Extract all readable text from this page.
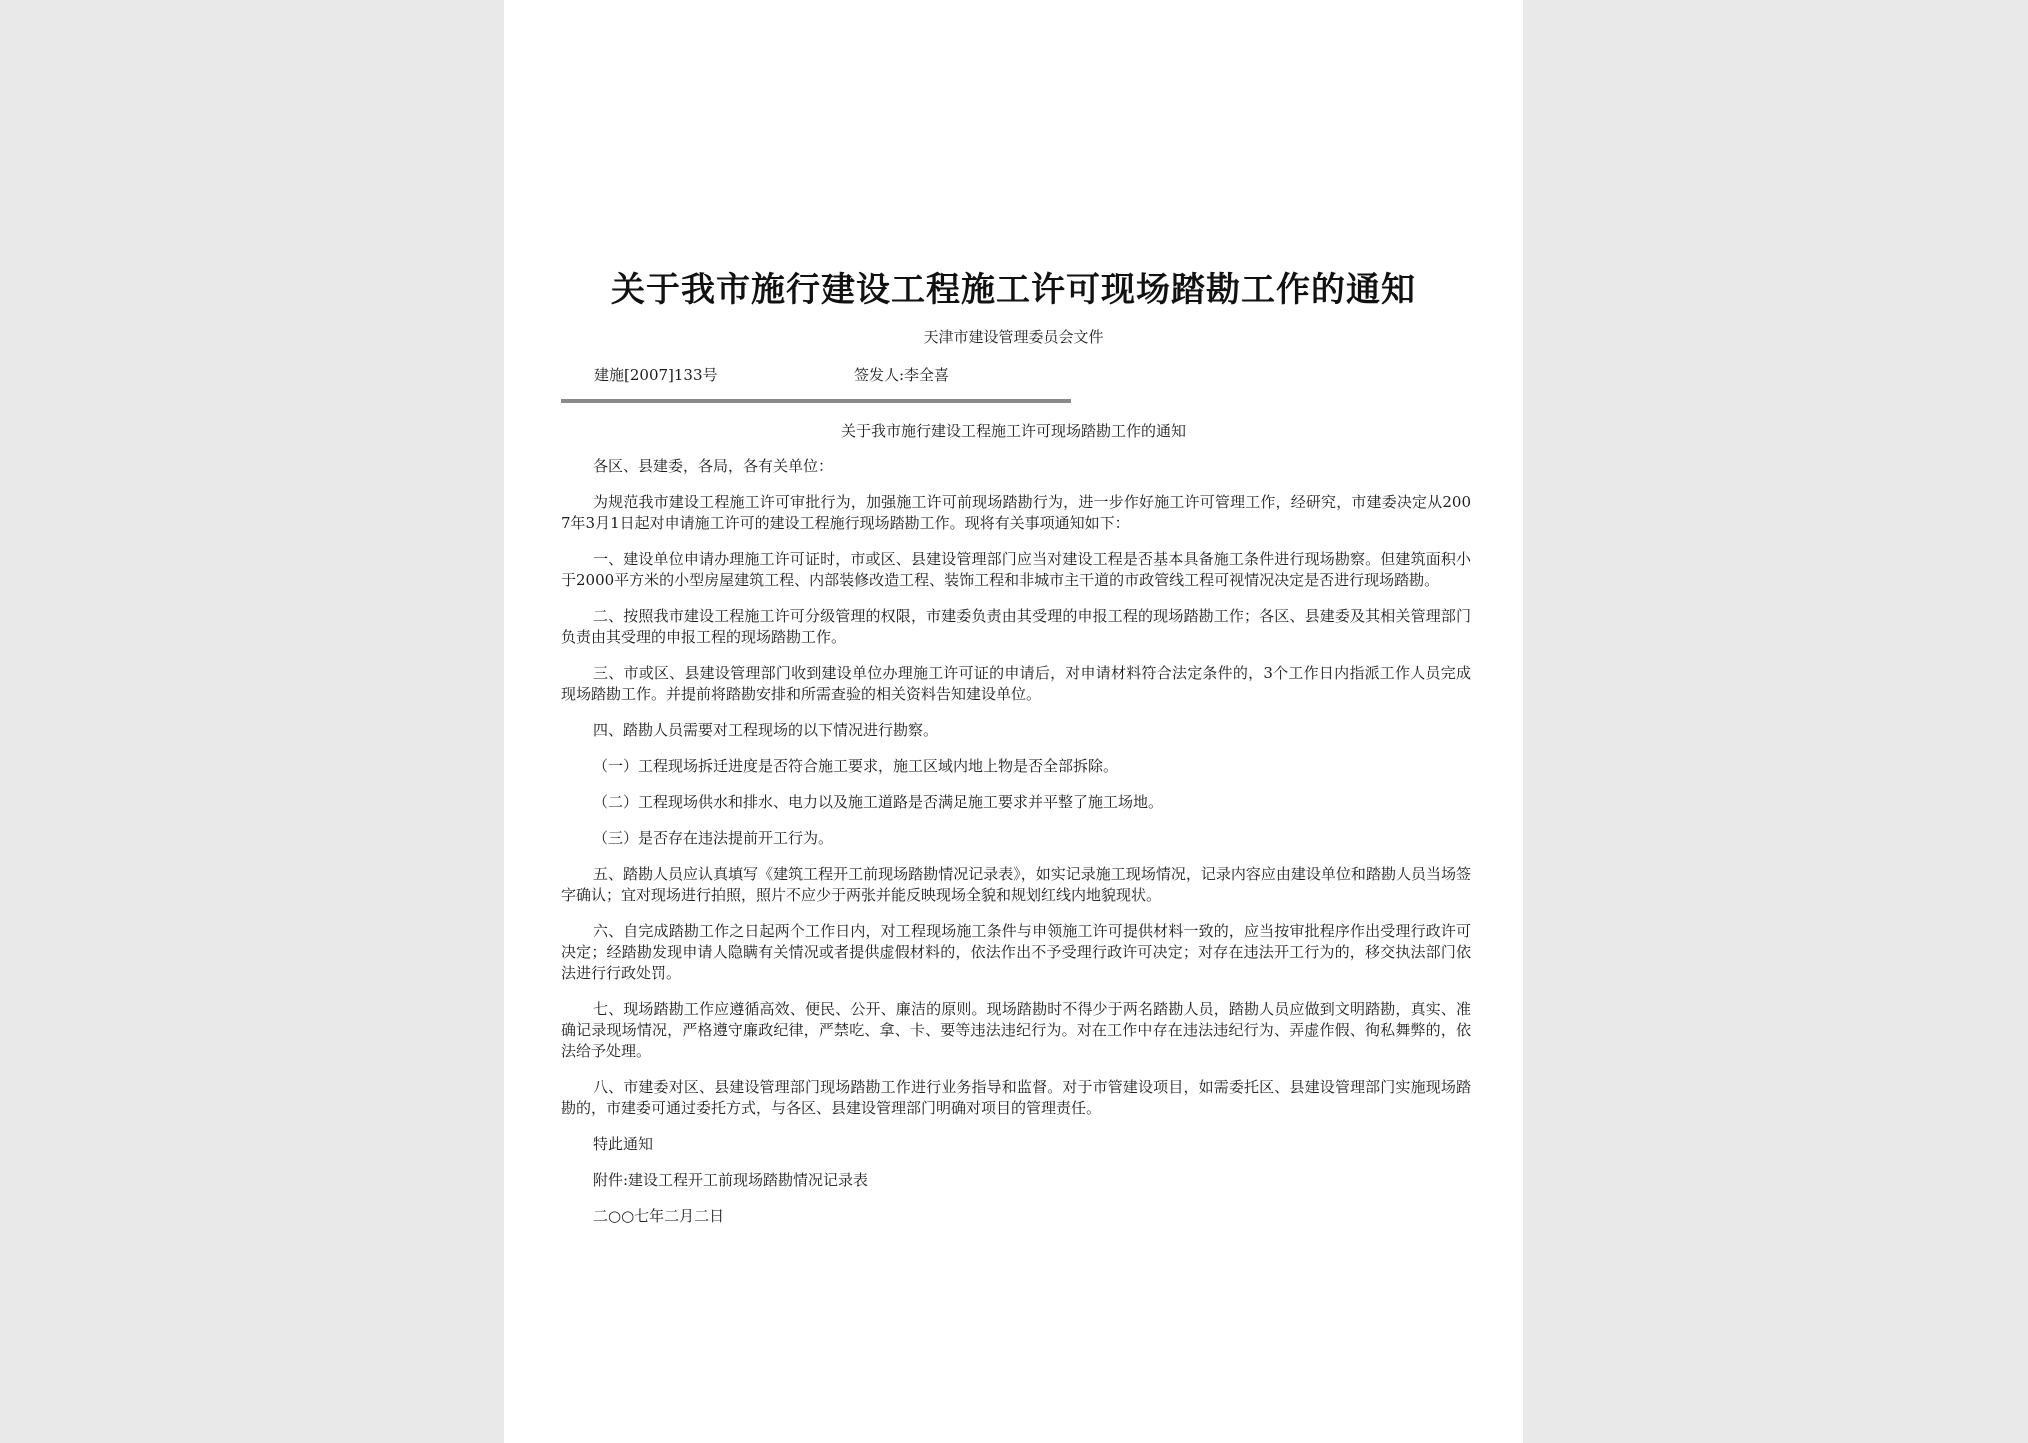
关于我市施行建设工程施工许可现场踏勘工作的通知
天津市建设管理委员会文件
建施[2007]133号	签发人:李全喜
关于我市施行建设工程施工许可现场踏勘工作的通知

各区、县建委，各局，各有关单位：

为规范我市建设工程施工许可审批行为，加强施工许可前现场踏勘行为，进一步作好施工许可管理工作，经研究，市建委决定从2007年3月1日起对申请施工许可的建设工程施行现场踏勘工作。现将有关事项通知如下：

一、建设单位申请办理施工许可证时，市或区、县建设管理部门应当对建设工程是否基本具备施工条件进行现场勘察。但建筑面积小于2000平方米的小型房屋建筑工程、内部装修改造工程、装饰工程和非城市主干道的市政管线工程可视情况决定是否进行现场踏勘。

二、按照我市建设工程施工许可分级管理的权限，市建委负责由其受理的申报工程的现场踏勘工作；各区、县建委及其相关管理部门负责由其受理的申报工程的现场踏勘工作。

三、市或区、县建设管理部门收到建设单位办理施工许可证的申请后，对申请材料符合法定条件的，3个工作日内指派工作人员完成现场踏勘工作。并提前将踏勘安排和所需查验的相关资料告知建设单位。

四、踏勘人员需要对工程现场的以下情况进行勘察。

（一）工程现场拆迁进度是否符合施工要求，施工区域内地上物是否全部拆除。

（二）工程现场供水和排水、电力以及施工道路是否满足施工要求并平整了施工场地。

（三）是否存在违法提前开工行为。

五、踏勘人员应认真填写《建筑工程开工前现场踏勘情况记录表》，如实记录施工现场情况，记录内容应由建设单位和踏勘人员当场签字确认；宜对现场进行拍照，照片不应少于两张并能反映现场全貌和规划红线内地貌现状。

六、自完成踏勘工作之日起两个工作日内，对工程现场施工条件与申领施工许可提供材料一致的，应当按审批程序作出受理行政许可决定；经踏勘发现申请人隐瞒有关情况或者提供虚假材料的，依法作出不予受理行政许可决定；对存在违法开工行为的，移交执法部门依法进行行政处罚。

七、现场踏勘工作应遵循高效、便民、公开、廉洁的原则。现场踏勘时不得少于两名踏勘人员，踏勘人员应做到文明踏勘，真实、准确记录现场情况，严格遵守廉政纪律，严禁吃、拿、卡、要等违法违纪行为。对在工作中存在违法违纪行为、弄虚作假、徇私舞弊的，依法给予处理。

八、市建委对区、县建设管理部门现场踏勘工作进行业务指导和监督。对于市管建设项目，如需委托区、县建设管理部门实施现场踏勘的，市建委可通过委托方式，与各区、县建设管理部门明确对项目的管理责任。

特此通知

附件:建设工程开工前现场踏勘情况记录表

二○○七年二月二日
